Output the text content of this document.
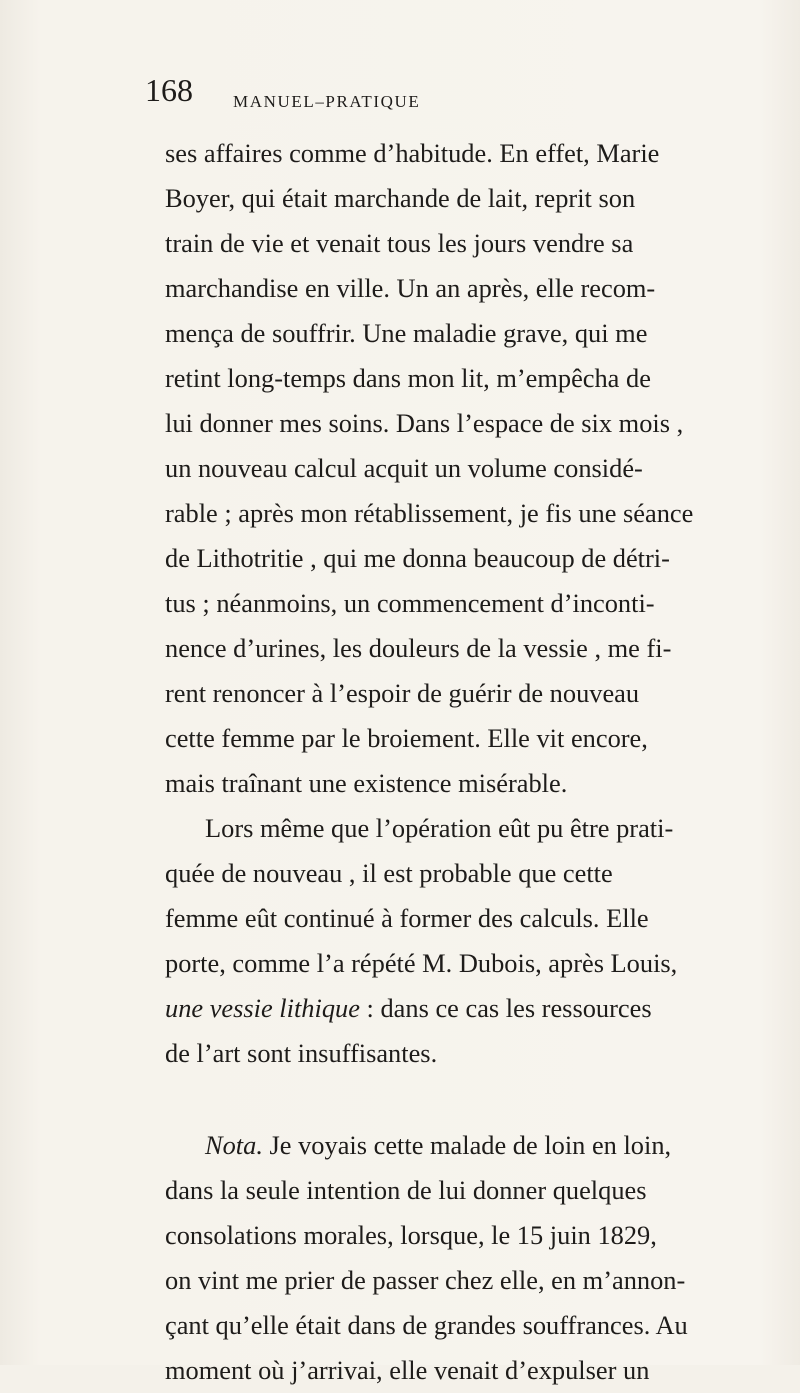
168 MANUEL–PRATIQUE
ses affaires comme d’habitude. En effet, Marie
Boyer, qui était marchande de lait, reprit son
train de vie et venait tous les jours vendre sa
marchandise en ville. Un an après, elle recom-
mença de souffrir. Une maladie grave, qui me
retint long-temps dans mon lit, m’empêcha de
lui donner mes soins. Dans l’espace de six mois ,
un nouveau calcul acquit un volume considé-
rable ; après mon rétablissement, je fis une séance
de Lithotritie , qui me donna beaucoup de détri-
tus ; néanmoins, un commencement d’inconti-
nence d’urines, les douleurs de la vessie , me fi-
rent renoncer à l’espoir de guérir de nouveau
cette femme par le broiement. Elle vit encore,
mais traînant une existence misérable.
Lors même que l’opération eût pu être prati-
quée de nouveau , il est probable que cette
femme eût continué à former des calculs. Elle
porte, comme l’a répété M. Dubois, après Louis,
une vessie lithique : dans ce cas les ressources
de l’art sont insuffisantes.
Nota. Je voyais cette malade de loin en loin,
dans la seule intention de lui donner quelques
consolations morales, lorsque, le 15 juin 1829,
on vint me prier de passer chez elle, en m’annon-
çant qu’elle était dans de grandes souffrances. Au
moment où j’arrivai, elle venait d’expulser un
